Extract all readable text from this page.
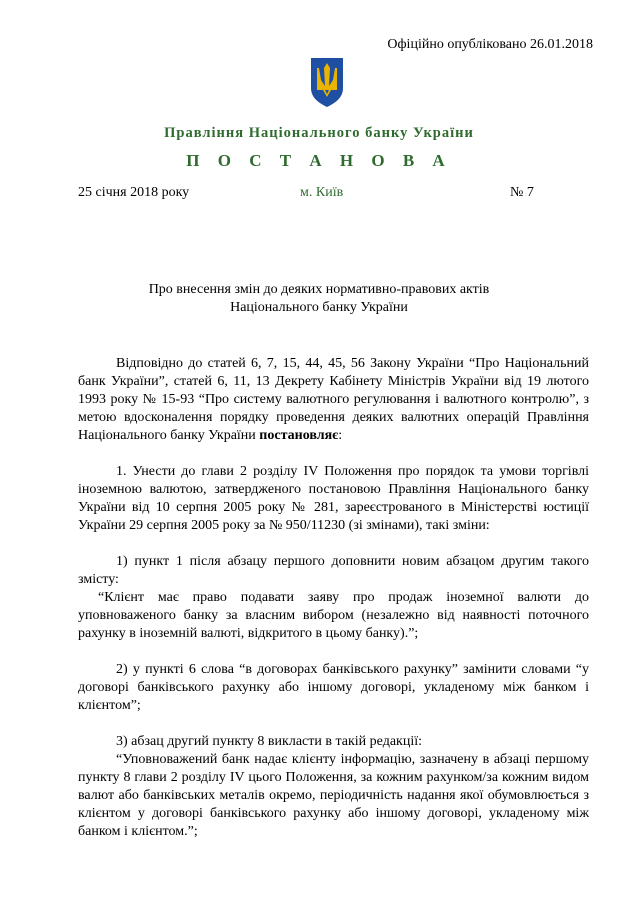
Офіційно опубліковано 26.01.2018
Правління Національного банку України
П О С Т А Н О В А
25 січня 2018 року	м. Київ	№ 7
Про внесення змін до деяких нормативно-правових актів
Національного банку України

Відповідно до статей 6, 7, 15, 44, 45, 56 Закону України “Про Національний банк України”, статей 6, 11, 13 Декрету Кабінету Міністрів України від 19 лютого 1993 року № 15-93 “Про систему валютного регулювання і валютного контролю”, з метою вдосконалення порядку проведення деяких валютних операцій Правління Національного банку України постановляє:

1. Унести до глави 2 розділу IV Положення про порядок та умови торгівлі іноземною валютою, затвердженого постановою Правління Національного банку України від 10 серпня 2005 року № 281, зареєстрованого в Міністерстві юстиції України 29 серпня 2005 року за № 950/11230 (зі змінами), такі зміни:

1) пункт 1 після абзацу першого доповнити новим абзацом другим такого змісту:

“Клієнт має право подавати заяву про продаж іноземної валюти до уповноваженого банку за власним вибором (незалежно від наявності поточного рахунку в іноземній валюті, відкритого в цьому банку).”;

2) у пункті 6 слова “в договорах банківського рахунку” замінити словами “у договорі банківського рахунку або іншому договорі, укладеному між банком і клієнтом”;

3) абзац другий пункту 8 викласти в такій редакції:

“Уповноважений банк надає клієнту інформацію, зазначену в абзаці першому пункту 8 глави 2 розділу IV цього Положення, за кожним рахунком/за кожним видом валют або банківських металів окремо, періодичність надання якої обумовлюється з клієнтом у договорі банківського рахунку або іншому договорі, укладеному між банком і клієнтом.”;
